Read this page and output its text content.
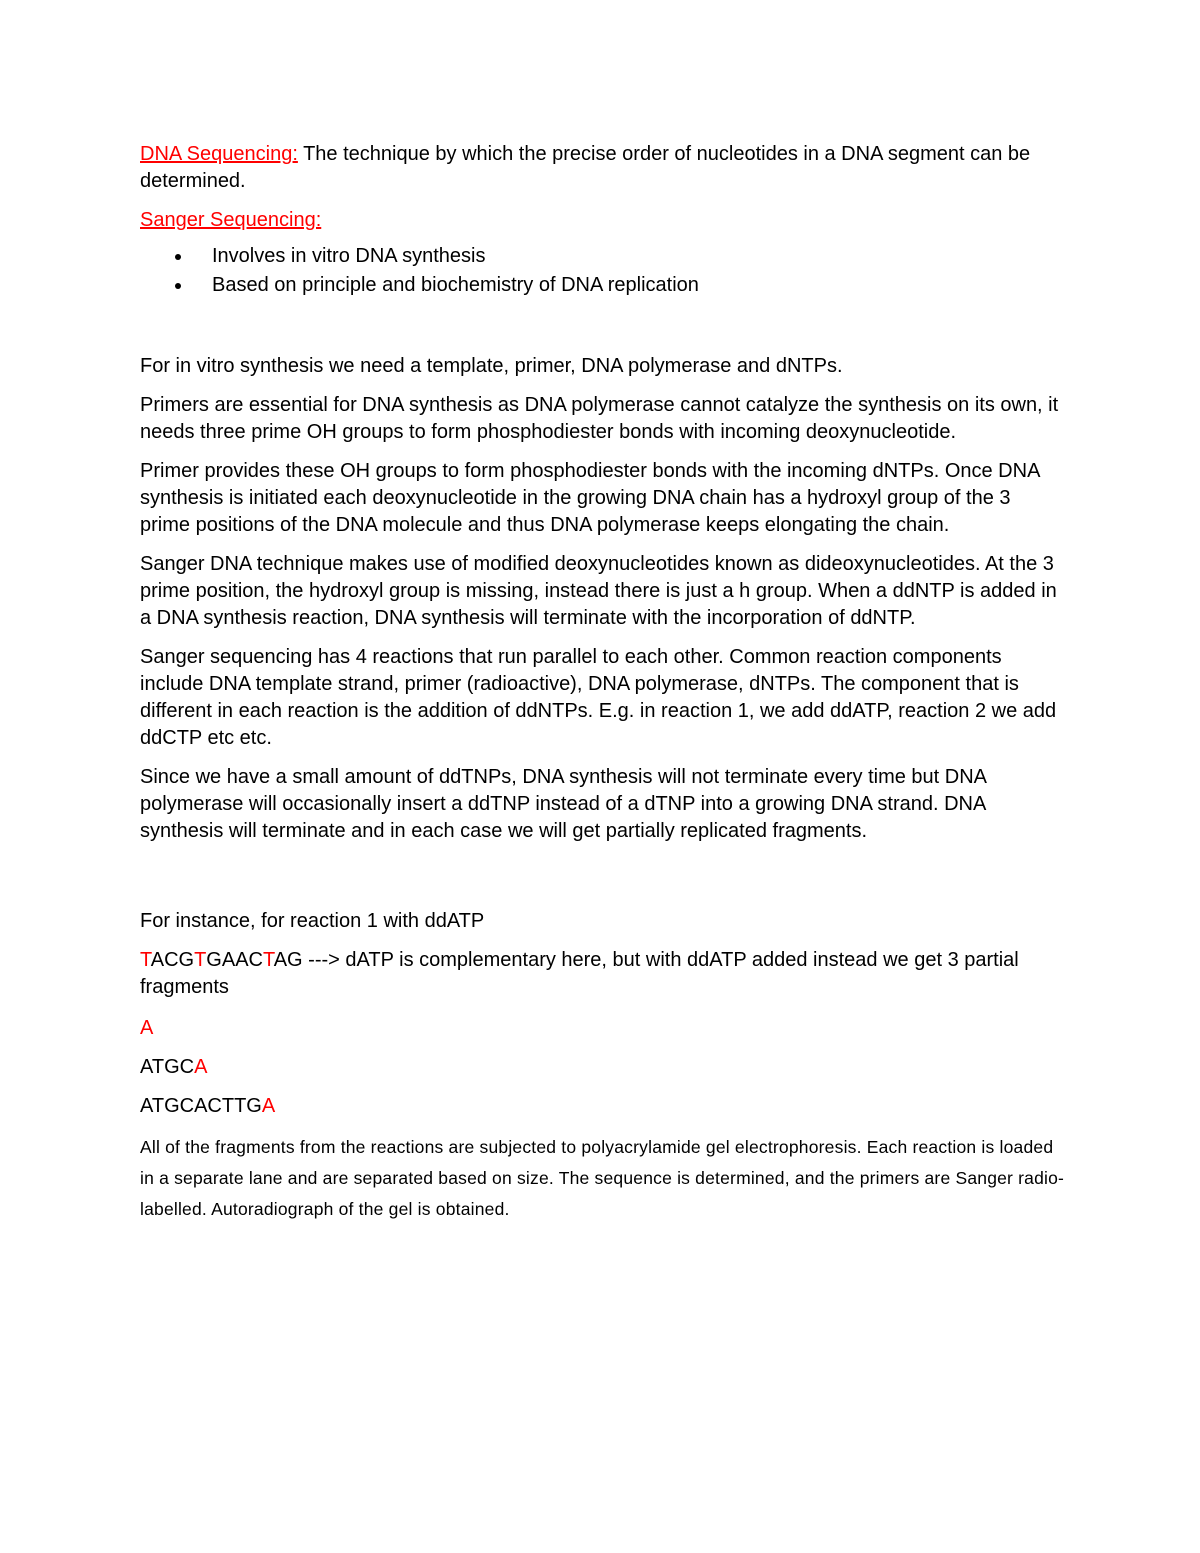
DNA Sequencing: The technique by which the precise order of nucleotides in a DNA segment can be determined.

Sanger Sequencing:

Involves in vitro DNA synthesis
Based on principle and biochemistry of DNA replication

For in vitro synthesis we need a template, primer, DNA polymerase and dNTPs.

Primers are essential for DNA synthesis as DNA polymerase cannot catalyze the synthesis on its own, it needs three prime OH groups to form phosphodiester bonds with incoming deoxynucleotide.

Primer provides these OH groups to form phosphodiester bonds with the incoming dNTPs. Once DNA synthesis is initiated each deoxynucleotide in the growing DNA chain has a hydroxyl group of the 3 prime positions of the DNA molecule and thus DNA polymerase keeps elongating the chain.

Sanger DNA technique makes use of modified deoxynucleotides known as dideoxynucleotides. At the 3 prime position, the hydroxyl group is missing, instead there is just a h group. When a ddNTP is added in a DNA synthesis reaction, DNA synthesis will terminate with the incorporation of ddNTP.

Sanger sequencing has 4 reactions that run parallel to each other. Common reaction components include DNA template strand, primer (radioactive), DNA polymerase, dNTPs. The component that is different in each reaction is the addition of ddNTPs. E.g. in reaction 1, we add ddATP, reaction 2 we add ddCTP etc etc.

Since we have a small amount of ddTNPs, DNA synthesis will not terminate every time but DNA polymerase will occasionally insert a ddTNP instead of a dTNP into a growing DNA strand. DNA synthesis will terminate and in each case we will get partially replicated fragments.

For instance, for reaction 1 with ddATP

TACGTGAACTAG ---> dATP is complementary here, but with ddATP added instead we get 3 partial fragments

A

ATGCA

ATGCACTTGA

All of the fragments from the reactions are subjected to polyacrylamide gel electrophoresis. Each reaction is loaded in a separate lane and are separated based on size. The sequence is determined, and the primers are Sanger radio-labelled. Autoradiograph of the gel is obtained.
